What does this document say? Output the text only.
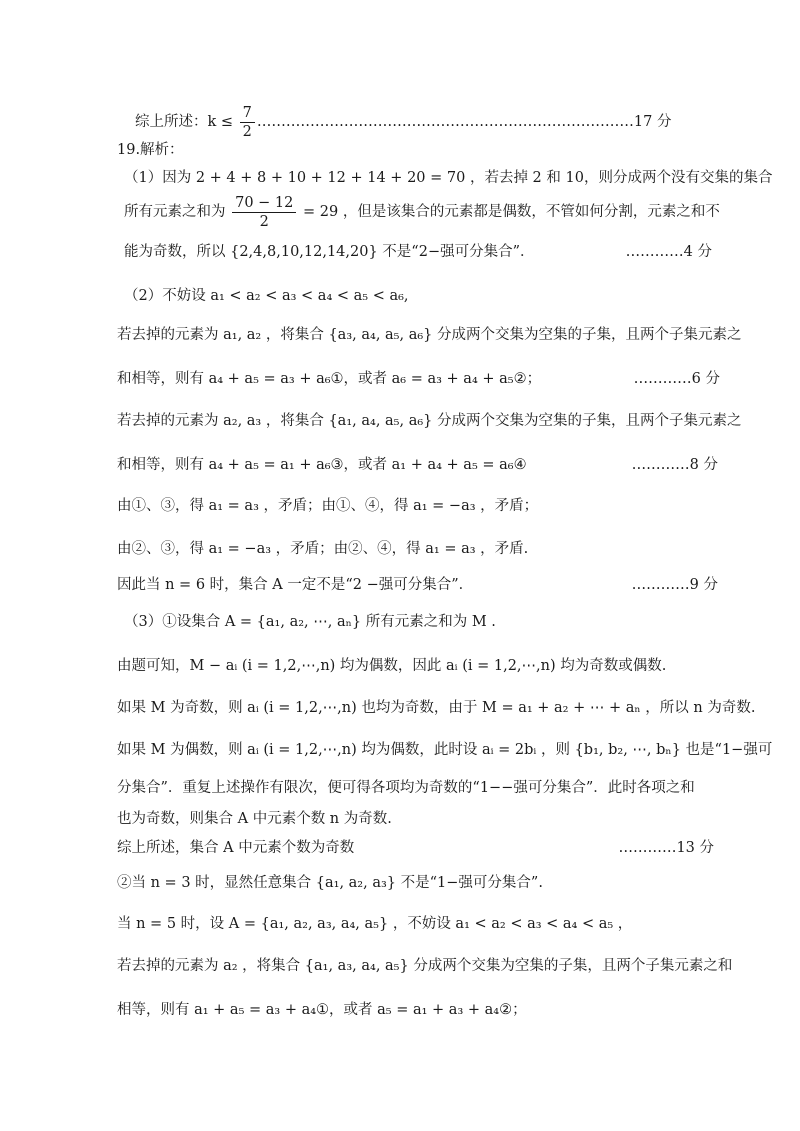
综上所述：$k \le \frac{7}{2}$ ……………………………………………………………………17 分
19.解析：
（1）因为 2 + 4 + 8 + 10 + 12 + 14 + 20 = 70 ，若去掉 2 和 10，则分成两个没有交集的集合
所有元素之和为 $\frac{70 - 12}{2} = 29$ ，但是该集合的元素都是偶数，不管如何分割，元素之和不
能为奇数，所以 {2,4,8,10,12,14,20} 不是“2−强可分集合”．	…………4 分
（2）不妨设 a₁ < a₂ < a₃ < a₄ < a₅ < a₆,
若去掉的元素为 a₁, a₂ ，将集合 {a₃, a₄, a₅, a₆} 分成两个交集为空集的子集，且两个子集元素之
和相等，则有 a₄ + a₅ = a₃ + a₆①，或者 a₆ = a₃ + a₄ + a₅②；	…………6 分
若去掉的元素为 a₂, a₃ ，将集合 {a₁, a₄, a₅, a₆} 分成两个交集为空集的子集，且两个子集元素之
和相等，则有 a₄ + a₅ = a₁ + a₆③，或者 a₁ + a₄ + a₅ = a₆④	…………8 分
由①、③，得 a₁ = a₃ ，矛盾；由①、④，得 a₁ = −a₃ ，矛盾；
由②、③，得 a₁ = −a₃ ，矛盾；由②、④，得 a₁ = a₃ ，矛盾.
因此当 n = 6 时，集合 A 一定不是“2 −强可分集合”．	…………9 分
（3）①设集合 A = {a₁, a₂, ⋯, aₙ} 所有元素之和为 M .
由题可知，M − aᵢ (i = 1,2,⋯,n) 均为偶数，因此 aᵢ (i = 1,2,⋯,n) 均为奇数或偶数.
如果 M 为奇数，则 aᵢ (i = 1,2,⋯,n) 也均为奇数，由于 M = a₁ + a₂ + ⋯ + aₙ ，所以 n 为奇数.
如果 M 为偶数，则 aᵢ (i = 1,2,⋯,n) 均为偶数，此时设 aᵢ = 2bᵢ ，则 {b₁, b₂, ⋯, bₙ} 也是“1−强可
分集合”．重复上述操作有限次，便可得各项均为奇数的“1−−强可分集合”．此时各项之和
也为奇数，则集合 A 中元素个数 n 为奇数.
综上所述，集合 A 中元素个数为奇数	…………13 分
②当 n = 3 时，显然任意集合 {a₁, a₂, a₃} 不是“1−强可分集合”.
当 n = 5 时，设 A = {a₁, a₂, a₃, a₄, a₅} ，不妨设 a₁ < a₂ < a₃ < a₄ < a₅ ，
若去掉的元素为 a₂ ，将集合 {a₁, a₃, a₄, a₅} 分成两个交集为空集的子集，且两个子集元素之和
相等，则有 a₁ + a₅ = a₃ + a₄①，或者 a₅ = a₁ + a₃ + a₄②；
